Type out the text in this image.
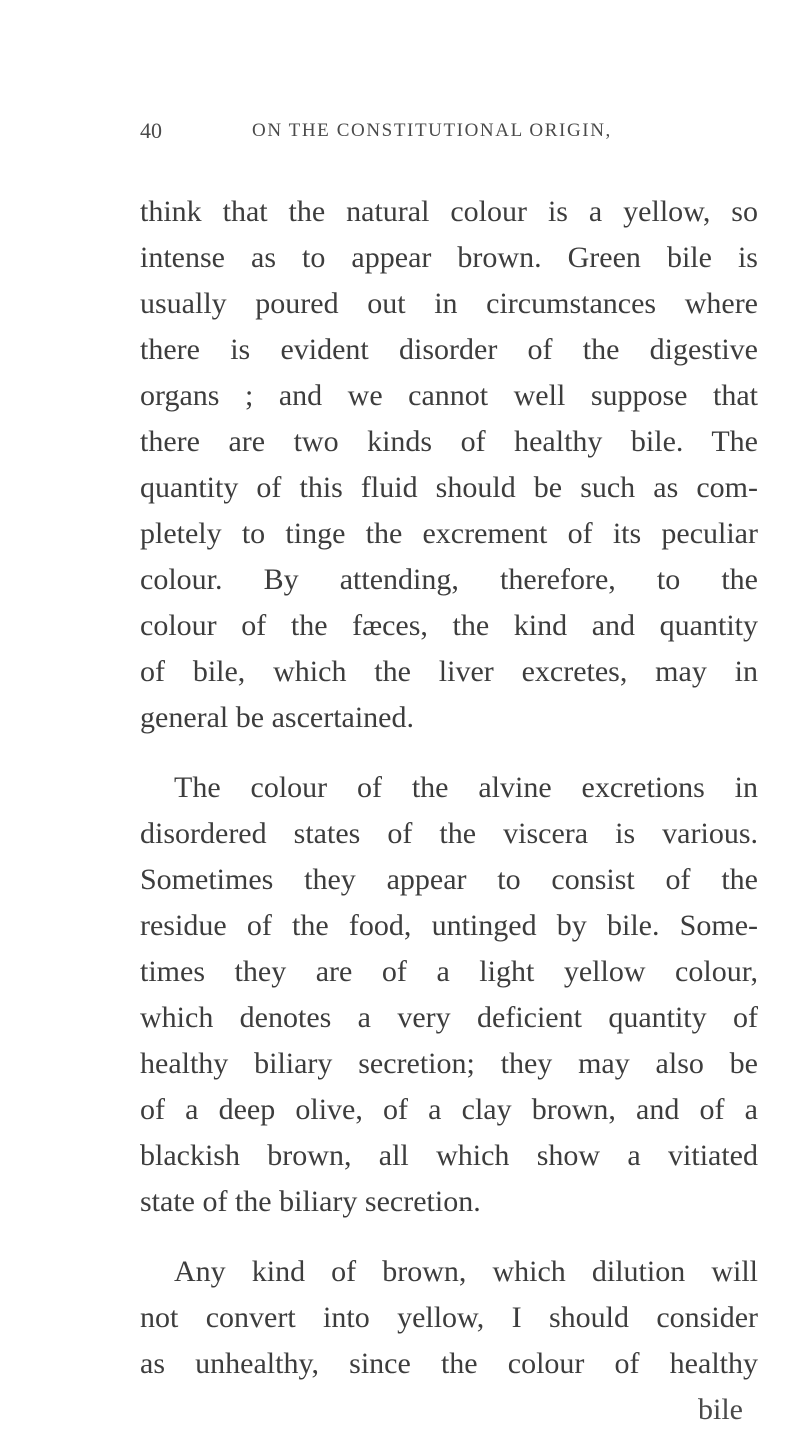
40	ON THE CONSTITUTIONAL ORIGIN,
think that the natural colour is a yellow, so
intense as to appear brown. Green bile is
usually poured out in circumstances where
there is evident disorder of the digestive
organs ; and we cannot well suppose that
there are two kinds of healthy bile. The
quantity of this fluid should be such as com-
pletely to tinge the excrement of its peculiar
colour. By attending, therefore, to the
colour of the fæces, the kind and quantity
of bile, which the liver excretes, may in
general be ascertained.
The colour of the alvine excretions in
disordered states of the viscera is various.
Sometimes they appear to consist of the
residue of the food, untinged by bile. Some-
times they are of a light yellow colour,
which denotes a very deficient quantity of
healthy biliary secretion; they may also be
of a deep olive, of a clay brown, and of a
blackish brown, all which show a vitiated
state of the biliary secretion.
Any kind of brown, which dilution will
not convert into yellow, I should consider
as unhealthy, since the colour of healthy
bile
